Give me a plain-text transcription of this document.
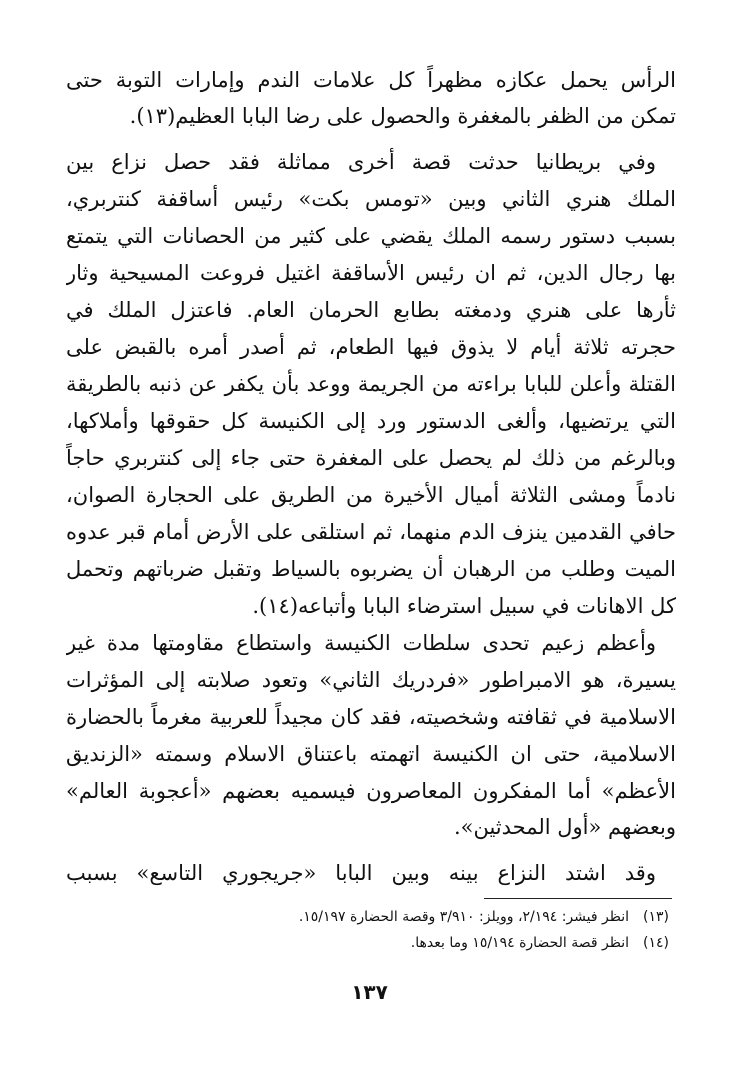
الرأس يحمل عكازه مظهراً كل علامات الندم وإمارات التوبة حتى
تمكن من الظفر بالمغفرة والحصول على رضا البابا العظيم(١٣).
وفي بريطانيا حدثت قصة أخرى مماثلة فقد حصل نزاع بين
الملك هنري الثاني وبين «تومس بكت» رئيس أساقفة كنتربري،
بسبب دستور رسمه الملك يقضي على كثير من الحصانات التي يتمتع
بها رجال الدين، ثم ان رئيس الأساقفة اغتيل فروعت المسيحية وثار
ثأرها على هنري ودمغته بطابع الحرمان العام. فاعتزل الملك في
حجرته ثلاثة أيام لا يذوق فيها الطعام، ثم أصدر أمره بالقبض على
القتلة وأعلن للبابا براءته من الجريمة ووعد بأن يكفر عن ذنبه بالطريقة
التي يرتضيها، وألغى الدستور ورد إلى الكنيسة كل حقوقها وأملاكها،
وبالرغم من ذلك لم يحصل على المغفرة حتى جاء إلى كنتربري حاجاً
نادماً ومشى الثلاثة أميال الأخيرة من الطريق على الحجارة الصوان،
حافي القدمين ينزف الدم منهما، ثم استلقى على الأرض أمام قبر عدوه
الميت وطلب من الرهبان أن يضربوه بالسياط وتقبل ضرباتهم وتحمل
كل الاهانات في سبيل استرضاء البابا وأتباعه(١٤).
وأعظم زعيم تحدى سلطات الكنيسة واستطاع مقاومتها مدة غير
يسيرة، هو الامبراطور «فردريك الثاني» وتعود صلابته إلى المؤثرات
الاسلامية في ثقافته وشخصيته، فقد كان مجيداً للعربية مغرماً بالحضارة
الاسلامية، حتى ان الكنيسة اتهمته باعتناق الاسلام وسمته «الزنديق
الأعظم» أما المفكرون المعاصرون فيسميه بعضهم «أعجوبة العالم»
وبعضهم «أول المحدثين».
وقد اشتد النزاع بينه وبين البابا «جريجوري التاسع» بسبب
(١٣)انظر فيشر: ٢/١٩٤، وويلز: ٣/٩١٠ وقصة الحضارة ١٥/١٩٧.
(١٤)انظر قصة الحضارة ١٥/١٩٤ وما بعدها.
١٣٧
